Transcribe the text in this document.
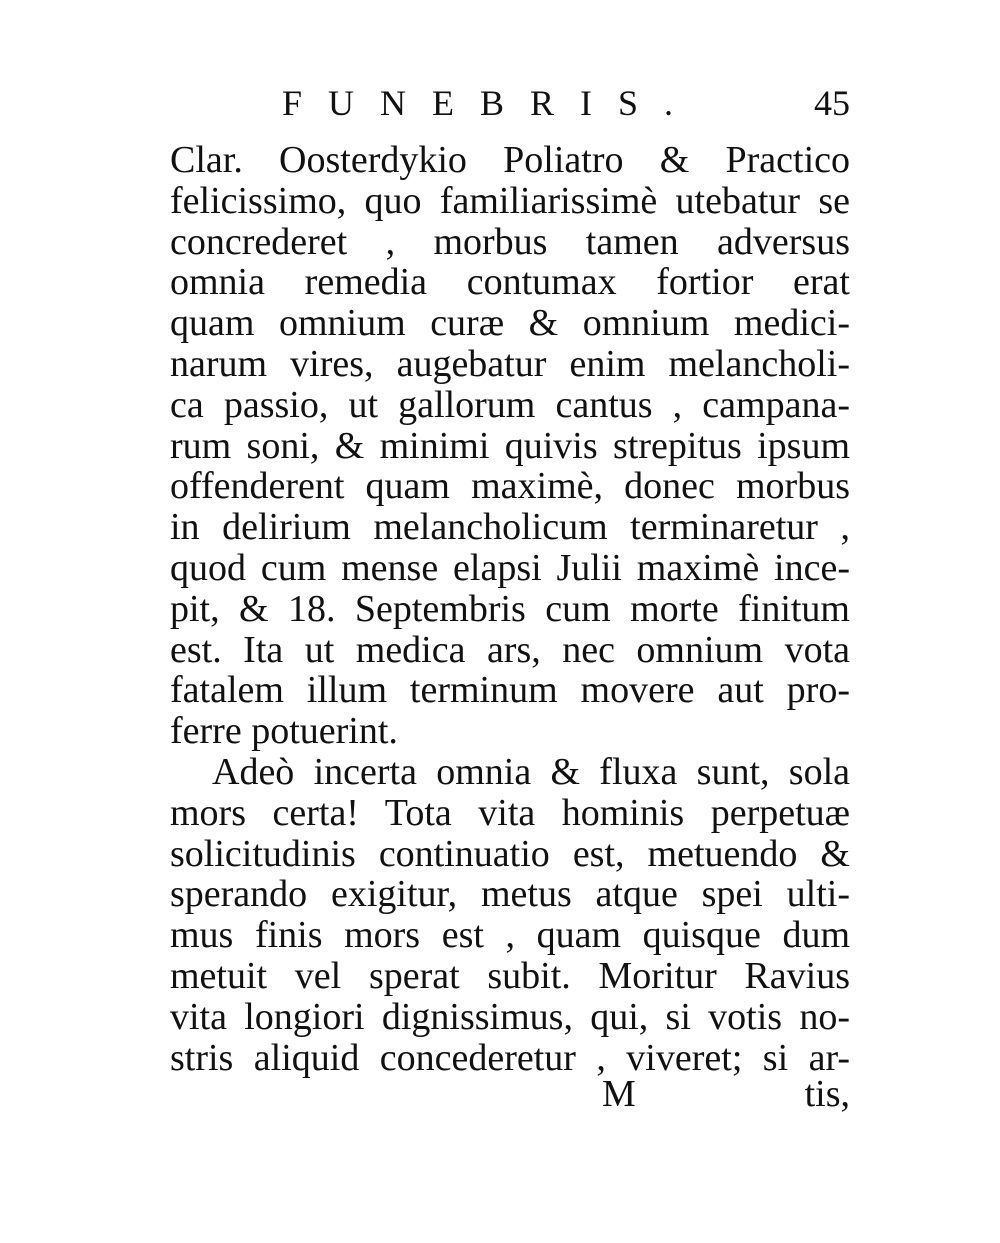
FUNEBRIS.	45
Clar. Oosterdykio Poliatro & Practico
felicissimo, quo familiarissimè utebatur se
concrederet , morbus tamen adversus
omnia remedia contumax fortior erat
quam omnium curæ & omnium medici-
narum vires, augebatur enim melancholi-
ca passio, ut gallorum cantus , campana-
rum soni, & minimi quivis strepitus ipsum
offenderent quam maximè, donec morbus
in delirium melancholicum terminaretur ,
quod cum mense elapsi Julii maximè ince-
pit, & 18. Septembris cum morte finitum
est. Ita ut medica ars, nec omnium vota
fatalem illum terminum movere aut pro-
ferre potuerint.
Adeò incerta omnia & fluxa sunt, sola
mors certa! Tota vita hominis perpetuæ
solicitudinis continuatio est, metuendo &
sperando exigitur, metus atque spei ulti-
mus finis mors est , quam quisque dum
metuit vel sperat subit. Moritur Ravius
vita longiori dignissimus, qui, si votis no-
stris aliquid concederetur , viveret; si ar-
M	tis,
